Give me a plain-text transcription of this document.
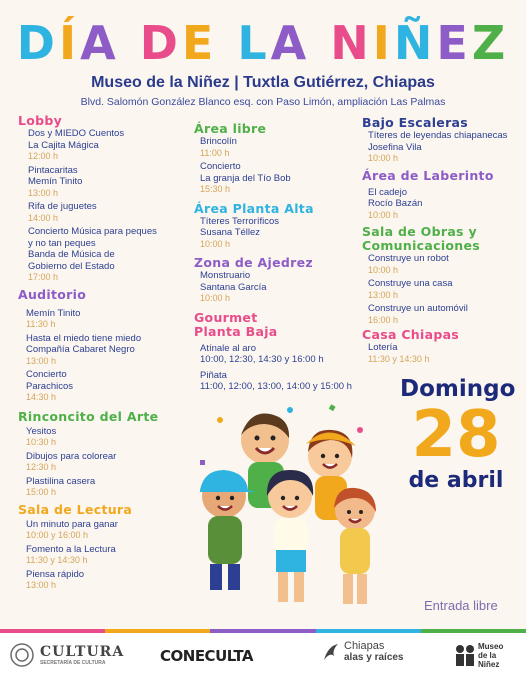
DÍA DE LA NIÑEZ
Museo de la Niñez | Tuxtla Gutiérrez, Chiapas
Blvd. Salomón González Blanco esq. con Paso Limón, ampliación Las Palmas
Lobby
Dos y MIEDO Cuentos
La Cajita Mágica
12:00 h
Pintacaritas
Memín Tinito
13:00 h
Rifa de juguetes
14:00 h
Concierto Música para peques
y no tan peques
Banda de Música de
Gobierno del Estado
17:00 h
Auditorio
Memín Tinito
11:30 h
Hasta el miedo tiene miedo
Compañía Cabaret Negro
13:00 h
Concierto
Parachicos
14:30 h
Rinconcito del Arte
Yesitos
10:30 h
Dibujos para colorear
12:30 h
Plastilina casera
15:00 h
Sala de Lectura
Un minuto para ganar
10:00 y 16:00 h
Fomento a la Lectura
11:30 y 14:30 h
Piensa rápido
13:00 h
Área libre
Brincolín
11:00 h
Concierto
La granja del Tío Bob
15:30 h
Área Planta Alta
Títeres Terroríficos
Susana Téllez
10:00 h
Zona de Ajedrez
Monstruario
Santana García
10:00 h
Gourmet
Planta Baja
Atínale al aro
10:00, 12:30, 14:30 y 16:00 h
Piñata
11:00, 12:00, 13:00, 14:00 y 15:00 h
Bajo Escaleras
Títeres de leyendas chiapanecas
Josefina Vila
10:00 h
Área de Laberinto
El cadejo
Rocío Bazán
10:00 h
Sala de Obras y
Comunicaciones
Construye un robot
10:00 h
Construye una casa
13:00 h
Construye un automóvil
16:00 h
Casa Chiapas
Lotería
11:30 y 14:30 h
Domingo
28
de abril
Entrada libre
CULTURA
SECRETARÍA DE CULTURA	CONECULTA
Chiapas
alas y raíces
Museo de la Niñez
